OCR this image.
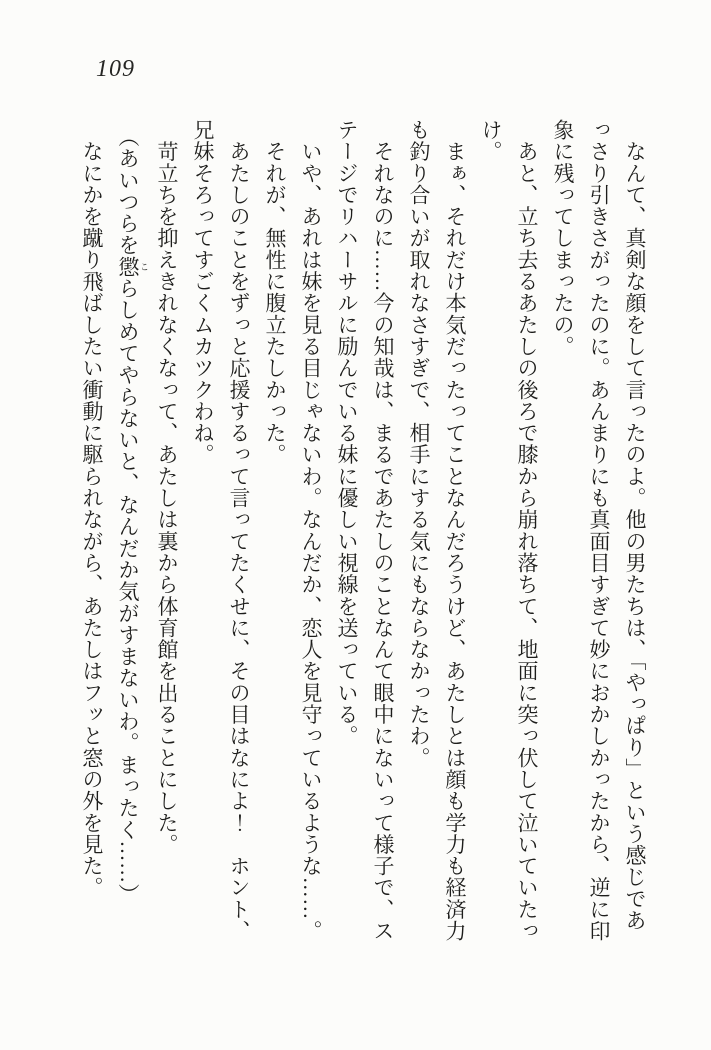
109
　なんて、真剣な顔をして言ったのよ。他の男たちは、「やっぱり」という感じであ
っさり引きさがったのに。あんまりにも真面目すぎて妙におかしかったから、逆に印
象に残ってしまったの。
　あと、立ち去るあたしの後ろで膝から崩れ落ちて、地面に突っ伏して泣いていたっ
け。
　まぁ、それだけ本気だったってことなんだろうけど、あたしとは顔も学力も経済力
も釣り合いが取れなさすぎで、相手にする気にもならなかったわ。
　それなのに……今の知哉は、まるであたしのことなんて眼中にないって様子で、ス
テージでリハーサルに励んでいる妹に優しい視線を送っている。
　いや、あれは妹を見る目じゃないわ。なんだか、恋人を見守っているような……。
　それが、無性に腹立たしかった。
　あたしのことをずっと応援するって言ってたくせに、その目はなによ！　ホント、
兄妹そろってすごくムカツクわね。
　苛立ちを抑えきれなくなって、あたしは裏から体育館を出ることにした。
（あいつらを懲 こらしめてやらないと、なんだか気がすまないわ。まったく……）
　なにかを蹴り飛ばしたい衝動に駆られながら、あたしはフッと窓の外を見た。
